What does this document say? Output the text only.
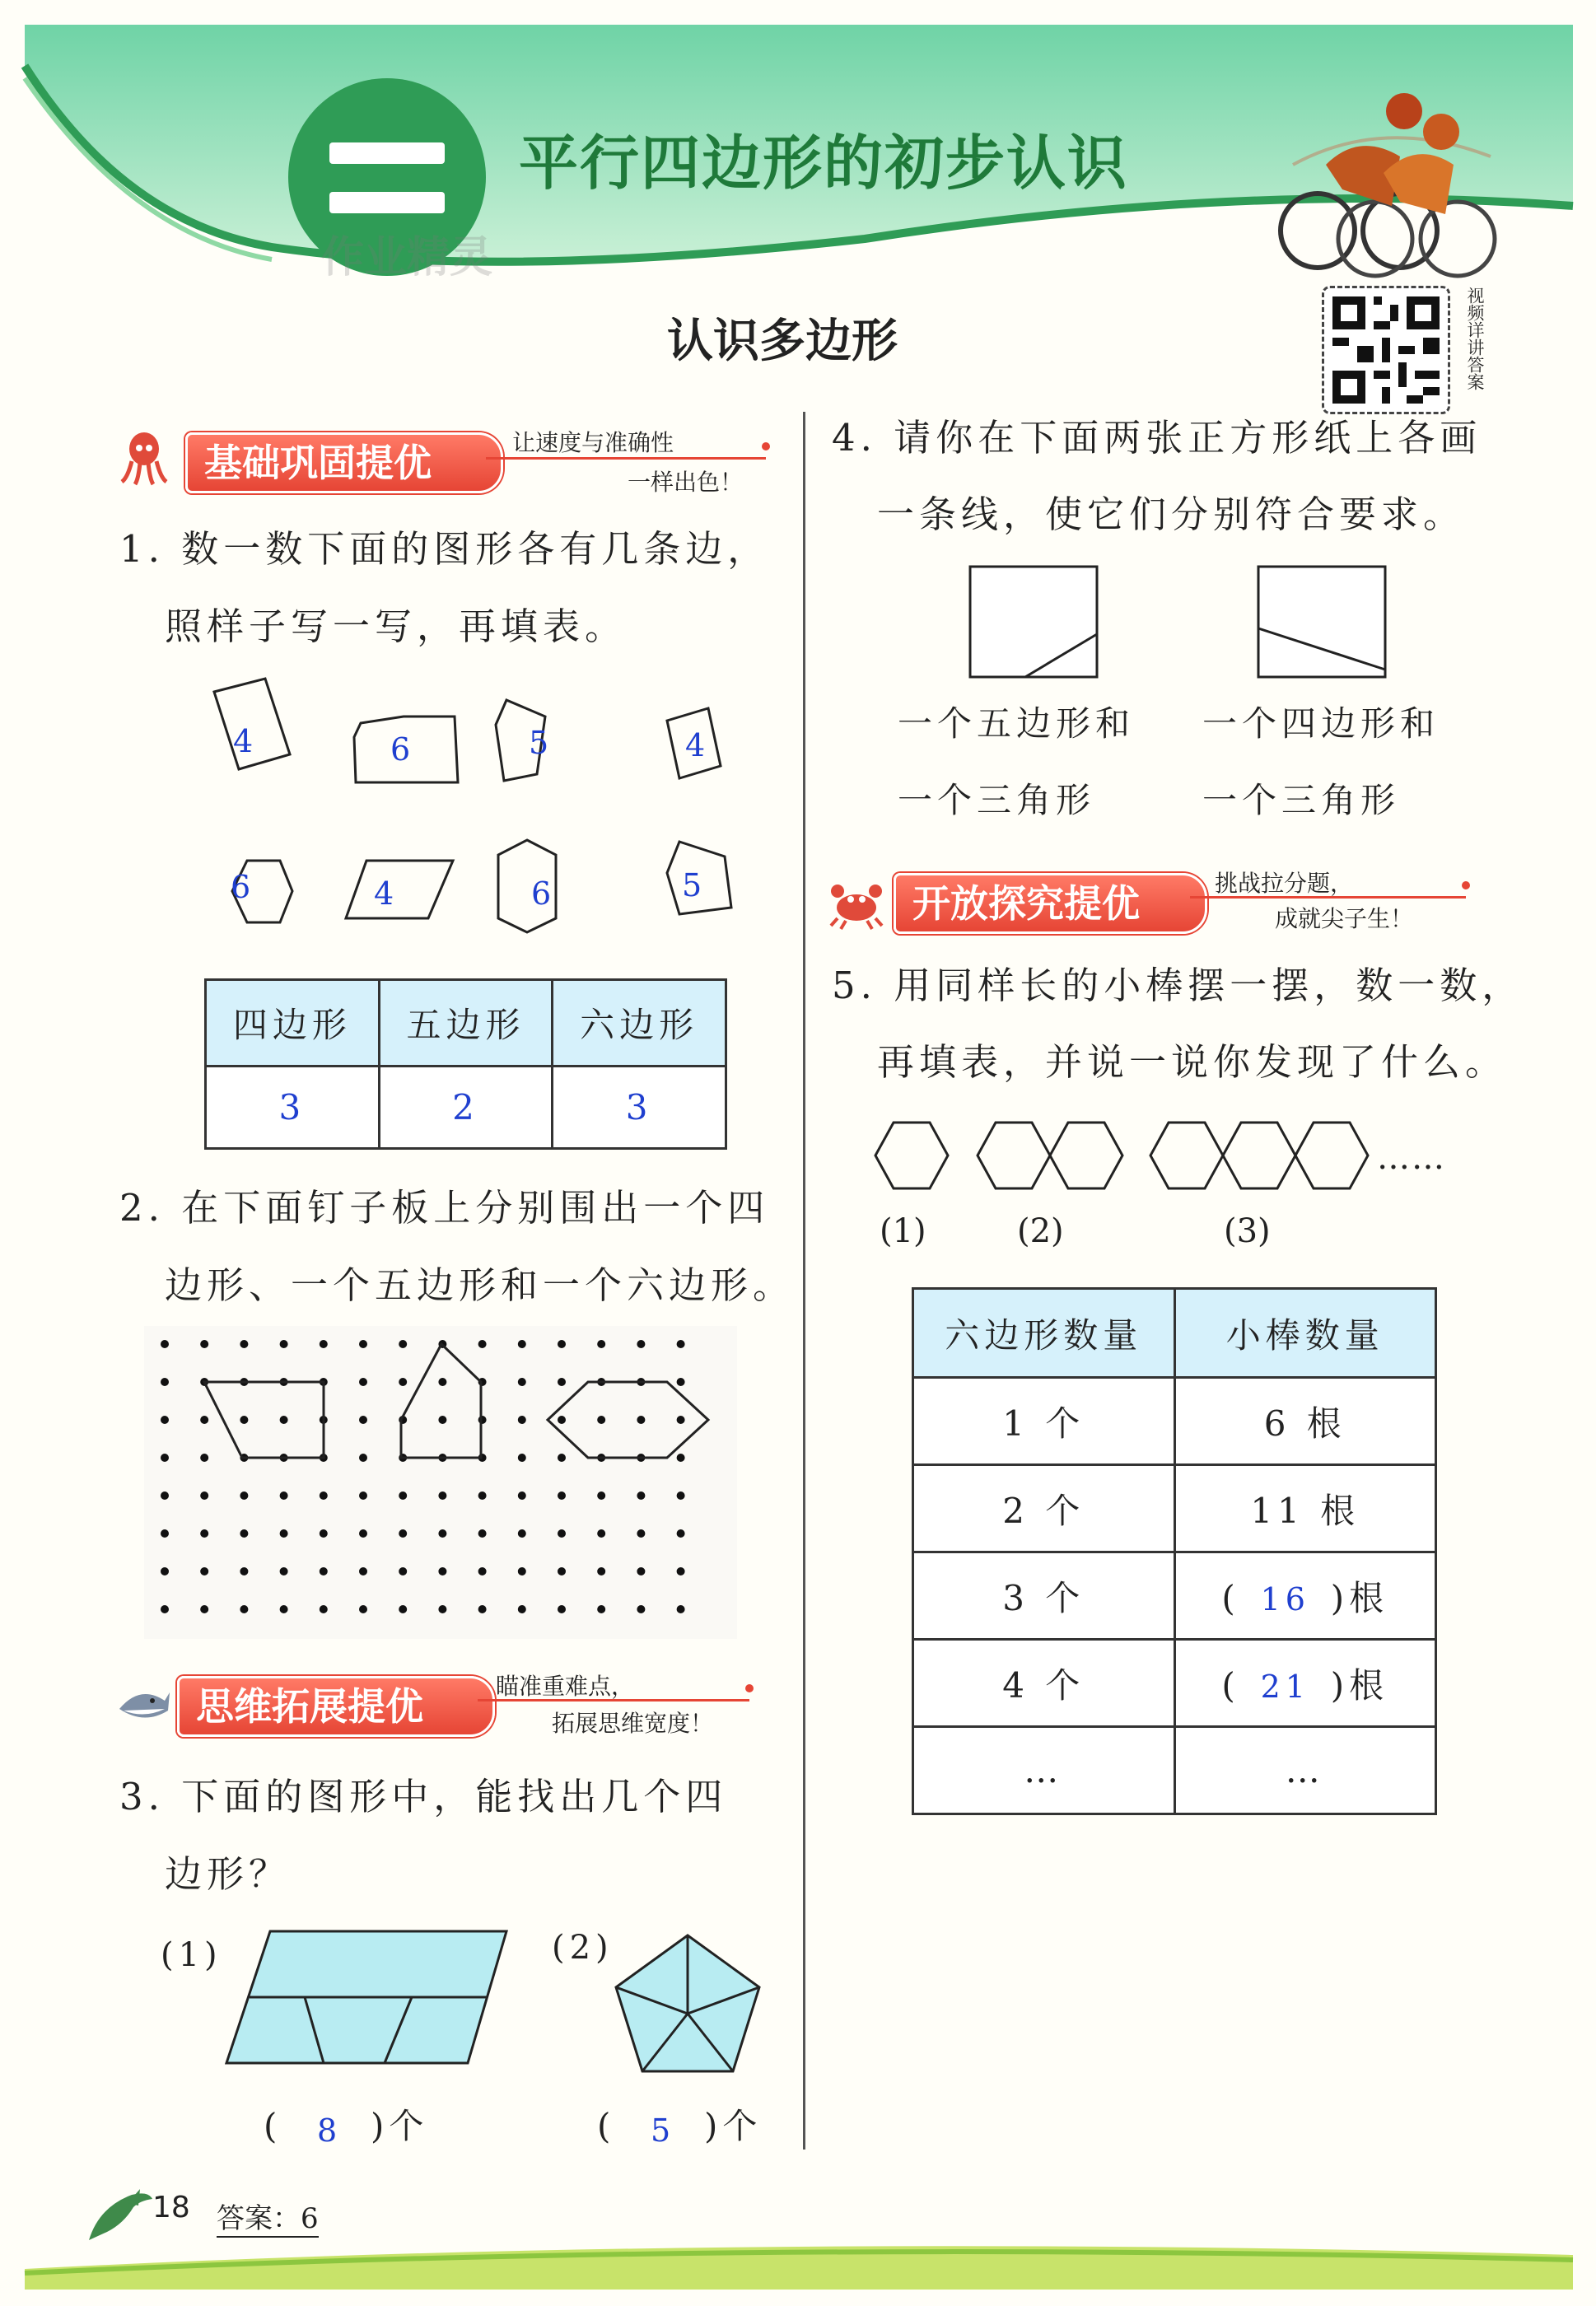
平行四边形的初步认识
作业精灵
认识多边形	视频详讲答案
基础巩固提优	让速度与准确性
一样出色！
1. 数一数下面的图形各有几条边，
照样子写一写，再填表。
4	6	5	4
6	4	6	5
四边形	五边形	六边形
3	2	3
2. 在下面钉子板上分别围出一个四
边形、一个五边形和一个六边形。
思维拓展提优	瞄准重难点，
拓展思维宽度！
3. 下面的图形中，能找出几个四
边形？
(1)	(2)
( 8 )个	( 5 )个
4. 请你在下面两张正方形纸上各画
一条线，使它们分别符合要求。
一个五边形和
一个三角形
一个四边形和
一个三角形
开放探究提优	挑战拉分题，
成就尖子生！
5. 用同样长的小棒摆一摆，数一数，
再填表，并说一说你发现了什么。
……
(1)	(2)	(3)
六边形数量	小棒数量
1 个	6 根
2 个	11 根
3 个	( 16 )根
4 个	( 21 )根
…	…
18 答案：6
